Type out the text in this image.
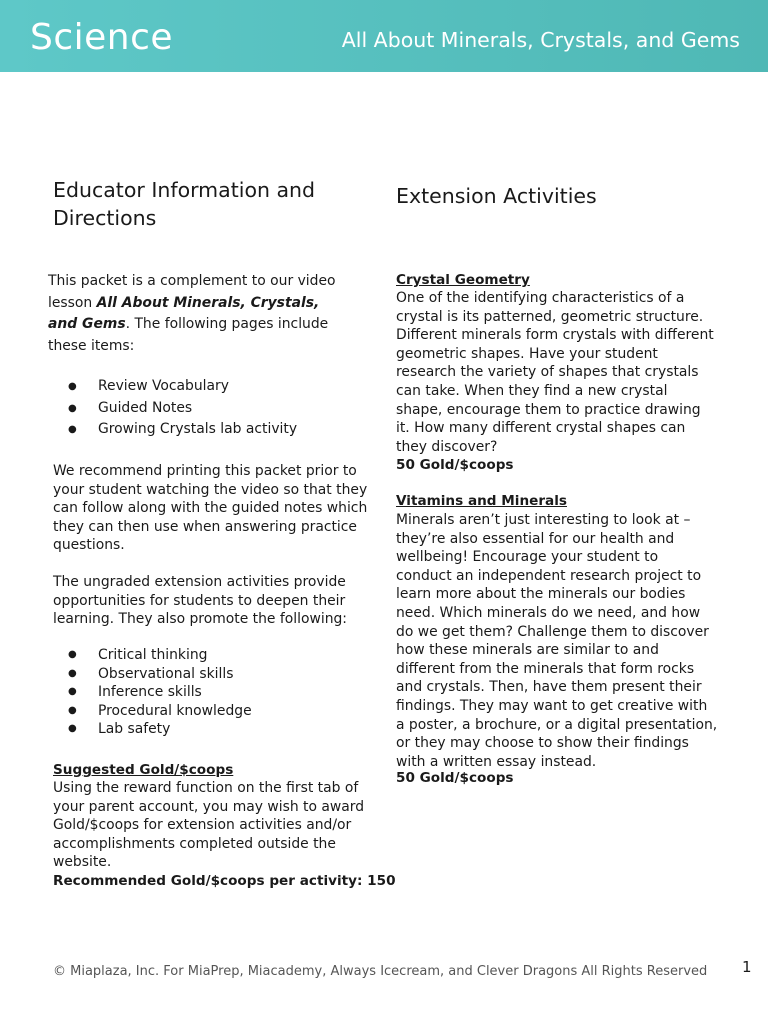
Science	All About Minerals, Crystals, and Gems
Educator Information and Directions
This packet is a complement to our video lesson All About Minerals, Crystals, and Gems. The following pages include these items:
● Review Vocabulary
● Guided Notes
● Growing Crystals lab activity
We recommend printing this packet prior to your student watching the video so that they can follow along with the guided notes which they can then use when answering practice questions.
The ungraded extension activities provide opportunities for students to deepen their learning. They also promote the following:
● Critical thinking
● Observational skills
● Inference skills
● Procedural knowledge
● Lab safety
Suggested Gold/$coops
Using the reward function on the first tab of your parent account, you may wish to award Gold/$coops for extension activities and/or accomplishments completed outside the website.
Recommended Gold/$coops per activity: 150
Extension Activities
Crystal Geometry
One of the identifying characteristics of a crystal is its patterned, geometric structure. Different minerals form crystals with different geometric shapes. Have your student research the variety of shapes that crystals can take. When they find a new crystal shape, encourage them to practice drawing it. How many different crystal shapes can they discover?
50 Gold/$coops
Vitamins and Minerals
Minerals aren’t just interesting to look at – they’re also essential for our health and wellbeing! Encourage your student to conduct an independent research project to learn more about the minerals our bodies need. Which minerals do we need, and how do we get them? Challenge them to discover how these minerals are similar to and different from the minerals that form rocks and crystals. Then, have them present their findings. They may want to get creative with a poster, a brochure, or a digital presentation, or they may choose to show their findings with a written essay instead.
50 Gold/$coops
© Miaplaza, Inc. For MiaPrep, Miacademy, Always Icecream, and Clever Dragons All Rights Reserved 1
